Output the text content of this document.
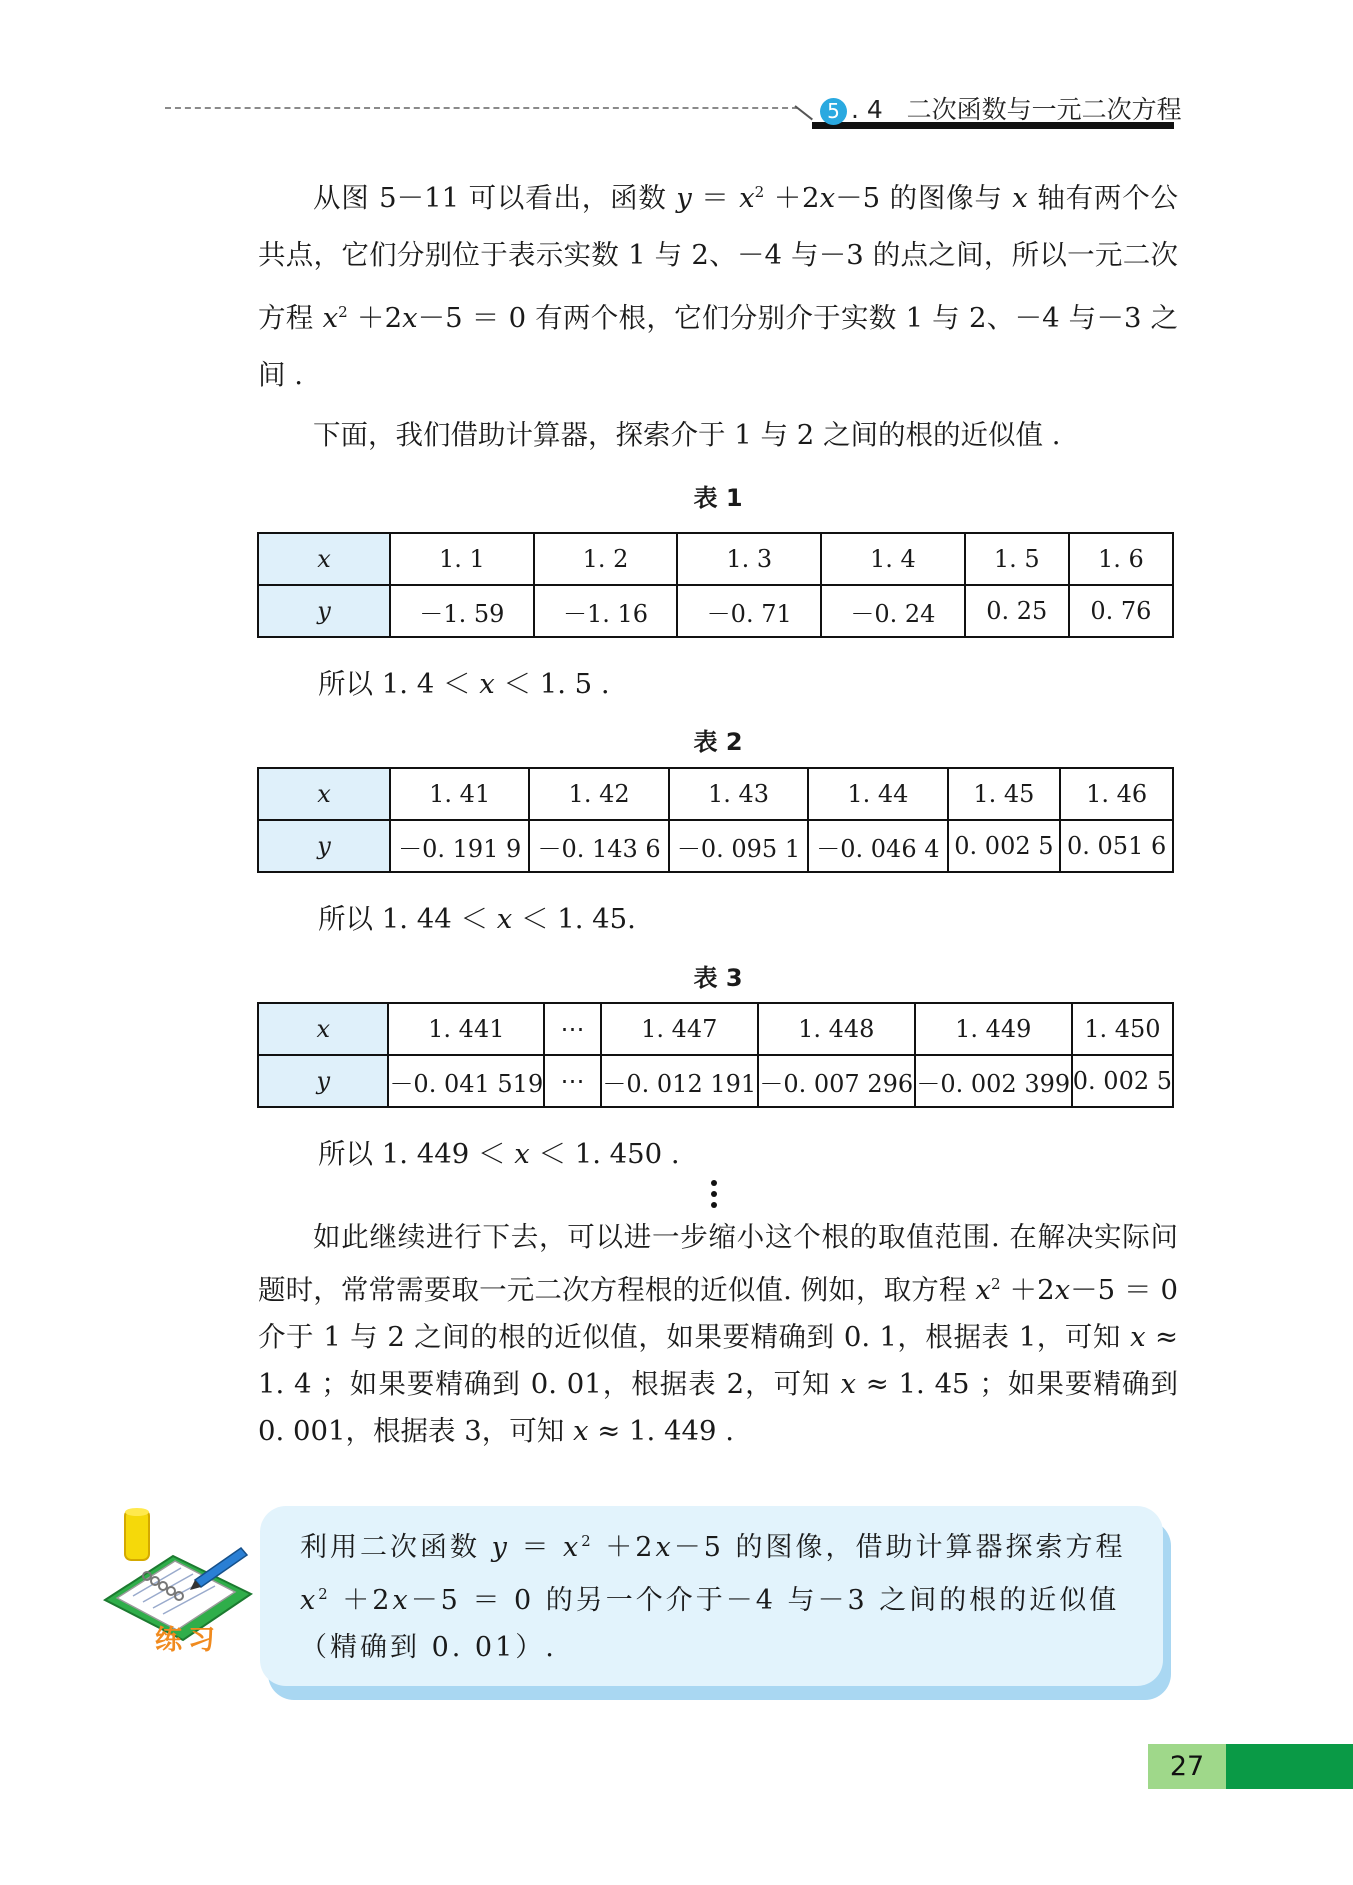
5 . 4 二次函数与一元二次方程

从图 5－11 可以看出，函数 $y = x^2 +2x-5$ 的图像与 x 轴有两个公共点，它们分别位于表示实数 1 与 2、－4 与－3 的点之间，所以一元二次方程 $x^2 +2x-5 = 0$ 有两个根，它们分别介于实数 1 与 2、－4 与－3 之间 .

下面，我们借助计算器，探索介于 1 与 2 之间的根的近似值 .

表 1
x	1. 1	1. 2	1. 3	1. 4	1. 5	1. 6
y	－1. 59	－1. 16	－0. 71	－0. 24	0. 25	0. 76
所以 1. 4 ＜ x ＜ 1. 5 .
表 2
x	1. 41	1. 42	1. 43	1. 44	1. 45	1. 46
y	－0. 191 9	－0. 143 6	－0. 095 1	－0. 046 4	0. 002 5	0. 051 6
所以 1. 44 ＜ x ＜ 1. 45.
表 3
x	1. 441	⋯	1. 447	1. 448	1. 449	1. 450
y	－0. 041 519	⋯	－0. 012 191	－0. 007 296	－0. 002 399	0. 002 5
所以 1. 449 ＜ x ＜ 1. 450 .

如此继续进行下去，可以进一步缩小这个根的取值范围. 在解决实际问题时，常常需要取一元二次方程根的近似值. 例如，取方程 $x^2 +2x-5 = 0$ 介于 1 与 2 之间的根的近似值，如果要精确到 0. 1，根据表 1，可知 x ≈ 1. 4 ；如果要精确到 0. 01，根据表 2，可知 x ≈ 1. 45 ；如果要精确到 0. 001，根据表 3，可知 x ≈ 1. 449 .

练习

利用二次函数 $y = x^2 +2x-5$ 的图像，借助计算器探索方程 $x^2 +2x-5 = 0$ 的另一个介于－4 与－3 之间的根的近似值（精确到 0. 01）.

27
